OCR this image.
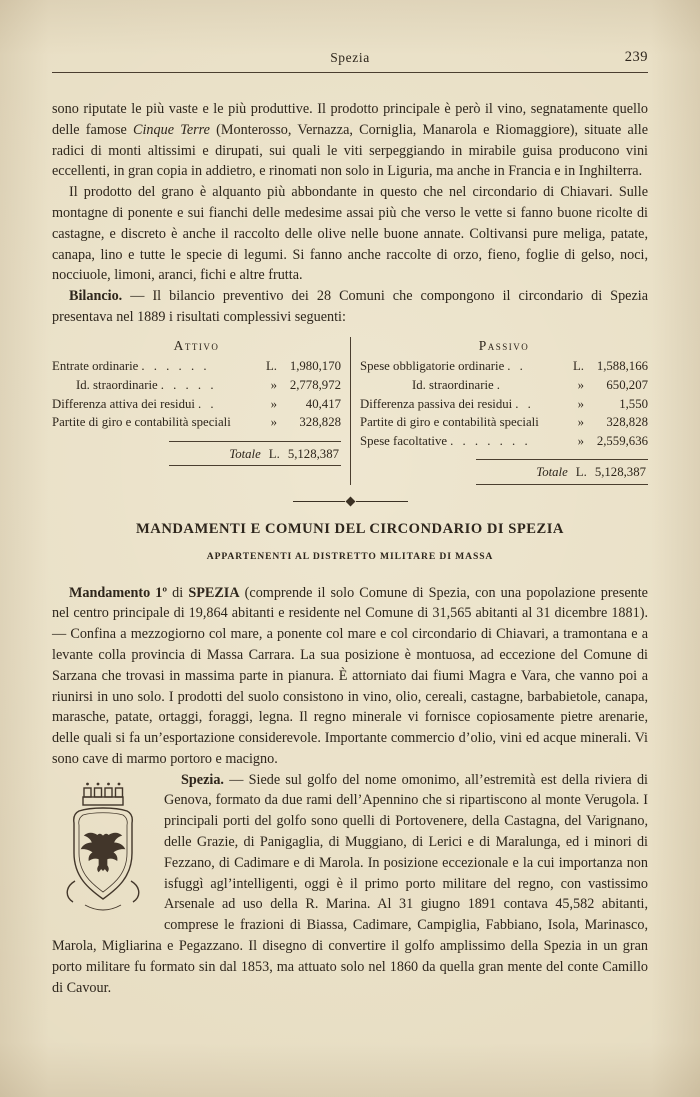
Spezia	239

sono riputate le più vaste e le più produttive. Il prodotto principale è però il vino, segnatamente quello delle famose Cinque Terre (Monterosso, Vernazza, Corniglia, Manarola e Riomaggiore), situate alle radici di monti altissimi e dirupati, sui quali le viti serpeggiando in mirabile guisa producono vini eccellenti, in gran copia in addietro, e rinomati non solo in Liguria, ma anche in Francia e in Inghilterra.

Il prodotto del grano è alquanto più abbondante in questo che nel circondario di Chiavari. Sulle montagne di ponente e sui fianchi delle medesime assai più che verso le vette si fanno buone ricolte di castagne, e discreto è anche il raccolto delle olive nelle buone annate. Coltivansi pure meliga, patate, canapa, lino e tutte le specie di legumi. Si fanno anche raccolte di orzo, fieno, foglie di gelso, noci, nocciuole, limoni, aranci, fichi e altre frutta.

Bilancio. — Il bilancio preventivo dei 28 Comuni che compongono il circondario di Spezia presentava nel 1889 i risultati complessivi seguenti:

Attivo
Entrate ordinarie . . . . . .	L.	1,980,170
Id. straordinarie . . . . .	»	2,778,972
Differenza attiva dei residui . .	»	40,417
Partite di giro e contabilità speciali	»	328,828
Totale L. 5,128,387
Passivo
Spese obbligatorie ordinarie . .	L.	1,588,166
Id. straordinarie .	»	650,207
Differenza passiva dei residui . .	»	1,550
Partite di giro e contabilità speciali	»	328,828
Spese facoltative . . . . . . .	»	2,559,636
Totale L. 5,128,387
MANDAMENTI E COMUNI DEL CIRCONDARIO DI SPEZIA
APPARTENENTI AL DISTRETTO MILITARE DI MASSA

Mandamento 1º di SPEZIA (comprende il solo Comune di Spezia, con una popolazione presente nel centro principale di 19,864 abitanti e residente nel Comune di 31,565 abitanti al 31 dicembre 1881). — Confina a mezzogiorno col mare, a ponente col mare e col circondario di Chiavari, a tramontana e a levante colla provincia di Massa Carrara. La sua posizione è montuosa, ad eccezione del Comune di Sarzana che trovasi in massima parte in pianura. È attorniato dai fiumi Magra e Vara, che vanno poi a riunirsi in uno solo. I prodotti del suolo consistono in vino, olio, cereali, castagne, barbabietole, canapa, marasche, patate, ortaggi, foraggi, legna. Il regno minerale vi fornisce copiosamente pietre arenarie, delle quali si fa un’esportazione considerevole. Importante commercio d’olio, vini ed acque minerali. Vi sono cave di marmo portoro e macigno.

Spezia. — Siede sul golfo del nome omonimo, all’estremità est della riviera di Genova, formato da due rami dell’Apennino che si ripartiscono al monte Verugola. I principali porti del golfo sono quelli di Portovenere, della Castagna, del Varignano, delle Grazie, di Panigaglia, di Muggiano, di Lerici e di Maralunga, ed i minori di Fezzano, di Cadimare e di Marola. In posizione eccezionale e la cui importanza non isfuggì agl’intelligenti, oggi è il primo porto militare del regno, con vastissimo Arsenale ad uso della R. Marina. Al 31 giugno 1891 contava 45,582 abitanti, comprese le frazioni di Biassa, Cadimare, Campiglia, Fabbiano, Isola, Marinasco, Marola, Migliarina e Pegazzano. Il disegno di convertire il golfo amplissimo della Spezia in un gran porto militare fu formato sin dal 1853, ma attuato solo nel 1860 da quella gran mente del conte Camillo di Cavour.
